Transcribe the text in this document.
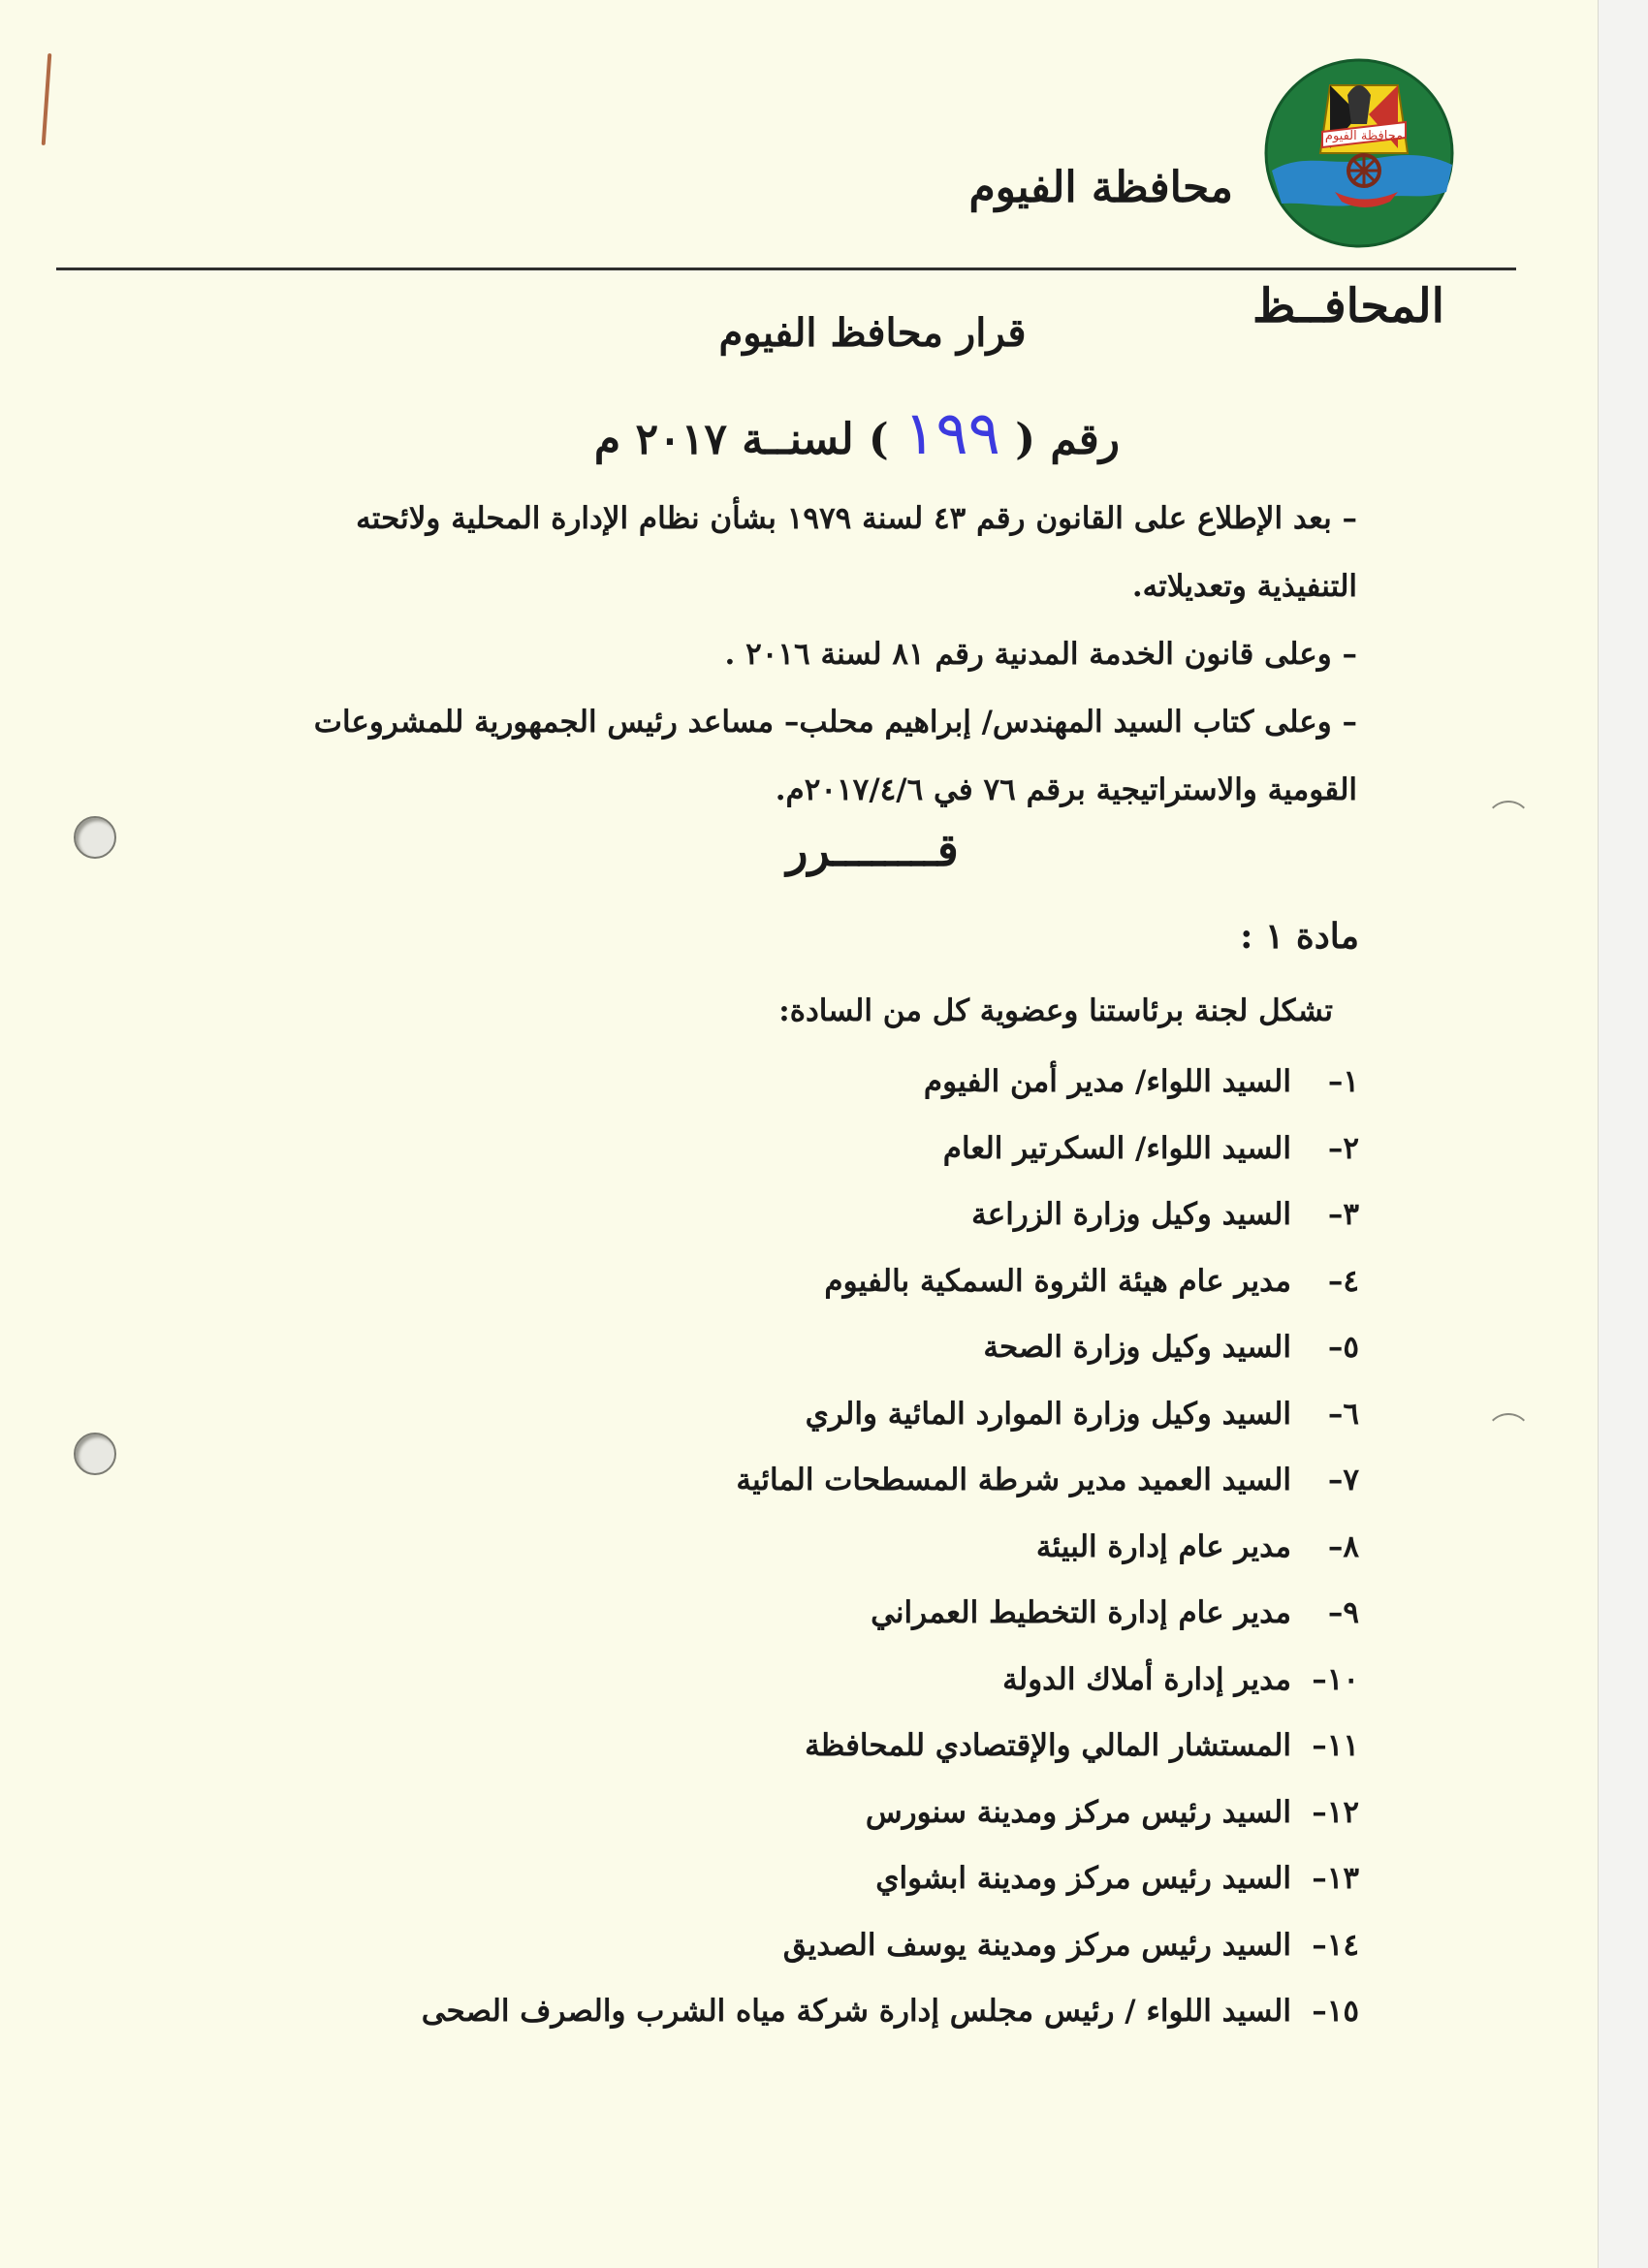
محافظة الفيوم
محافظة الفيوم
المحافــظ
قرار محافظ الفيوم
رقم ( ١٩٩ ) لسنــة ٢٠١٧ م

– بعد الإطلاع على القانون رقم ٤٣ لسنة ١٩٧٩ بشأن نظام الإدارة المحلية ولائحته التنفيذية وتعديلاته.

– وعلى قانون الخدمة المدنية رقم ٨١ لسنة ٢٠١٦ .

– وعلى كتاب السيد المهندس/ إبراهيم محلب– مساعد رئيس الجمهورية للمشروعات القومية والاستراتيجية برقم ٧٦ في ٢٠١٧/٤/٦م.

قــــــــرر
مادة ١ :
تشكل لجنة برئاستنا وعضوية كل من السادة:
١–السيد اللواء/ مدير أمن الفيوم
٢–السيد اللواء/ السكرتير العام
٣–السيد وكيل وزارة الزراعة
٤–مدير عام هيئة الثروة السمكية بالفيوم
٥–السيد وكيل وزارة الصحة
٦–السيد وكيل وزارة الموارد المائية والري
٧–السيد العميد مدير شرطة المسطحات المائية
٨–مدير عام إدارة البيئة
٩–مدير عام إدارة التخطيط العمراني
١٠–مدير إدارة أملاك الدولة
١١–المستشار المالي والإقتصادي للمحافظة
١٢–السيد رئيس مركز ومدينة سنورس
١٣–السيد رئيس مركز ومدينة ابشواي
١٤–السيد رئيس مركز ومدينة يوسف الصديق
١٥–السيد اللواء / رئيس مجلس إدارة شركة مياه الشرب والصرف الصحى
